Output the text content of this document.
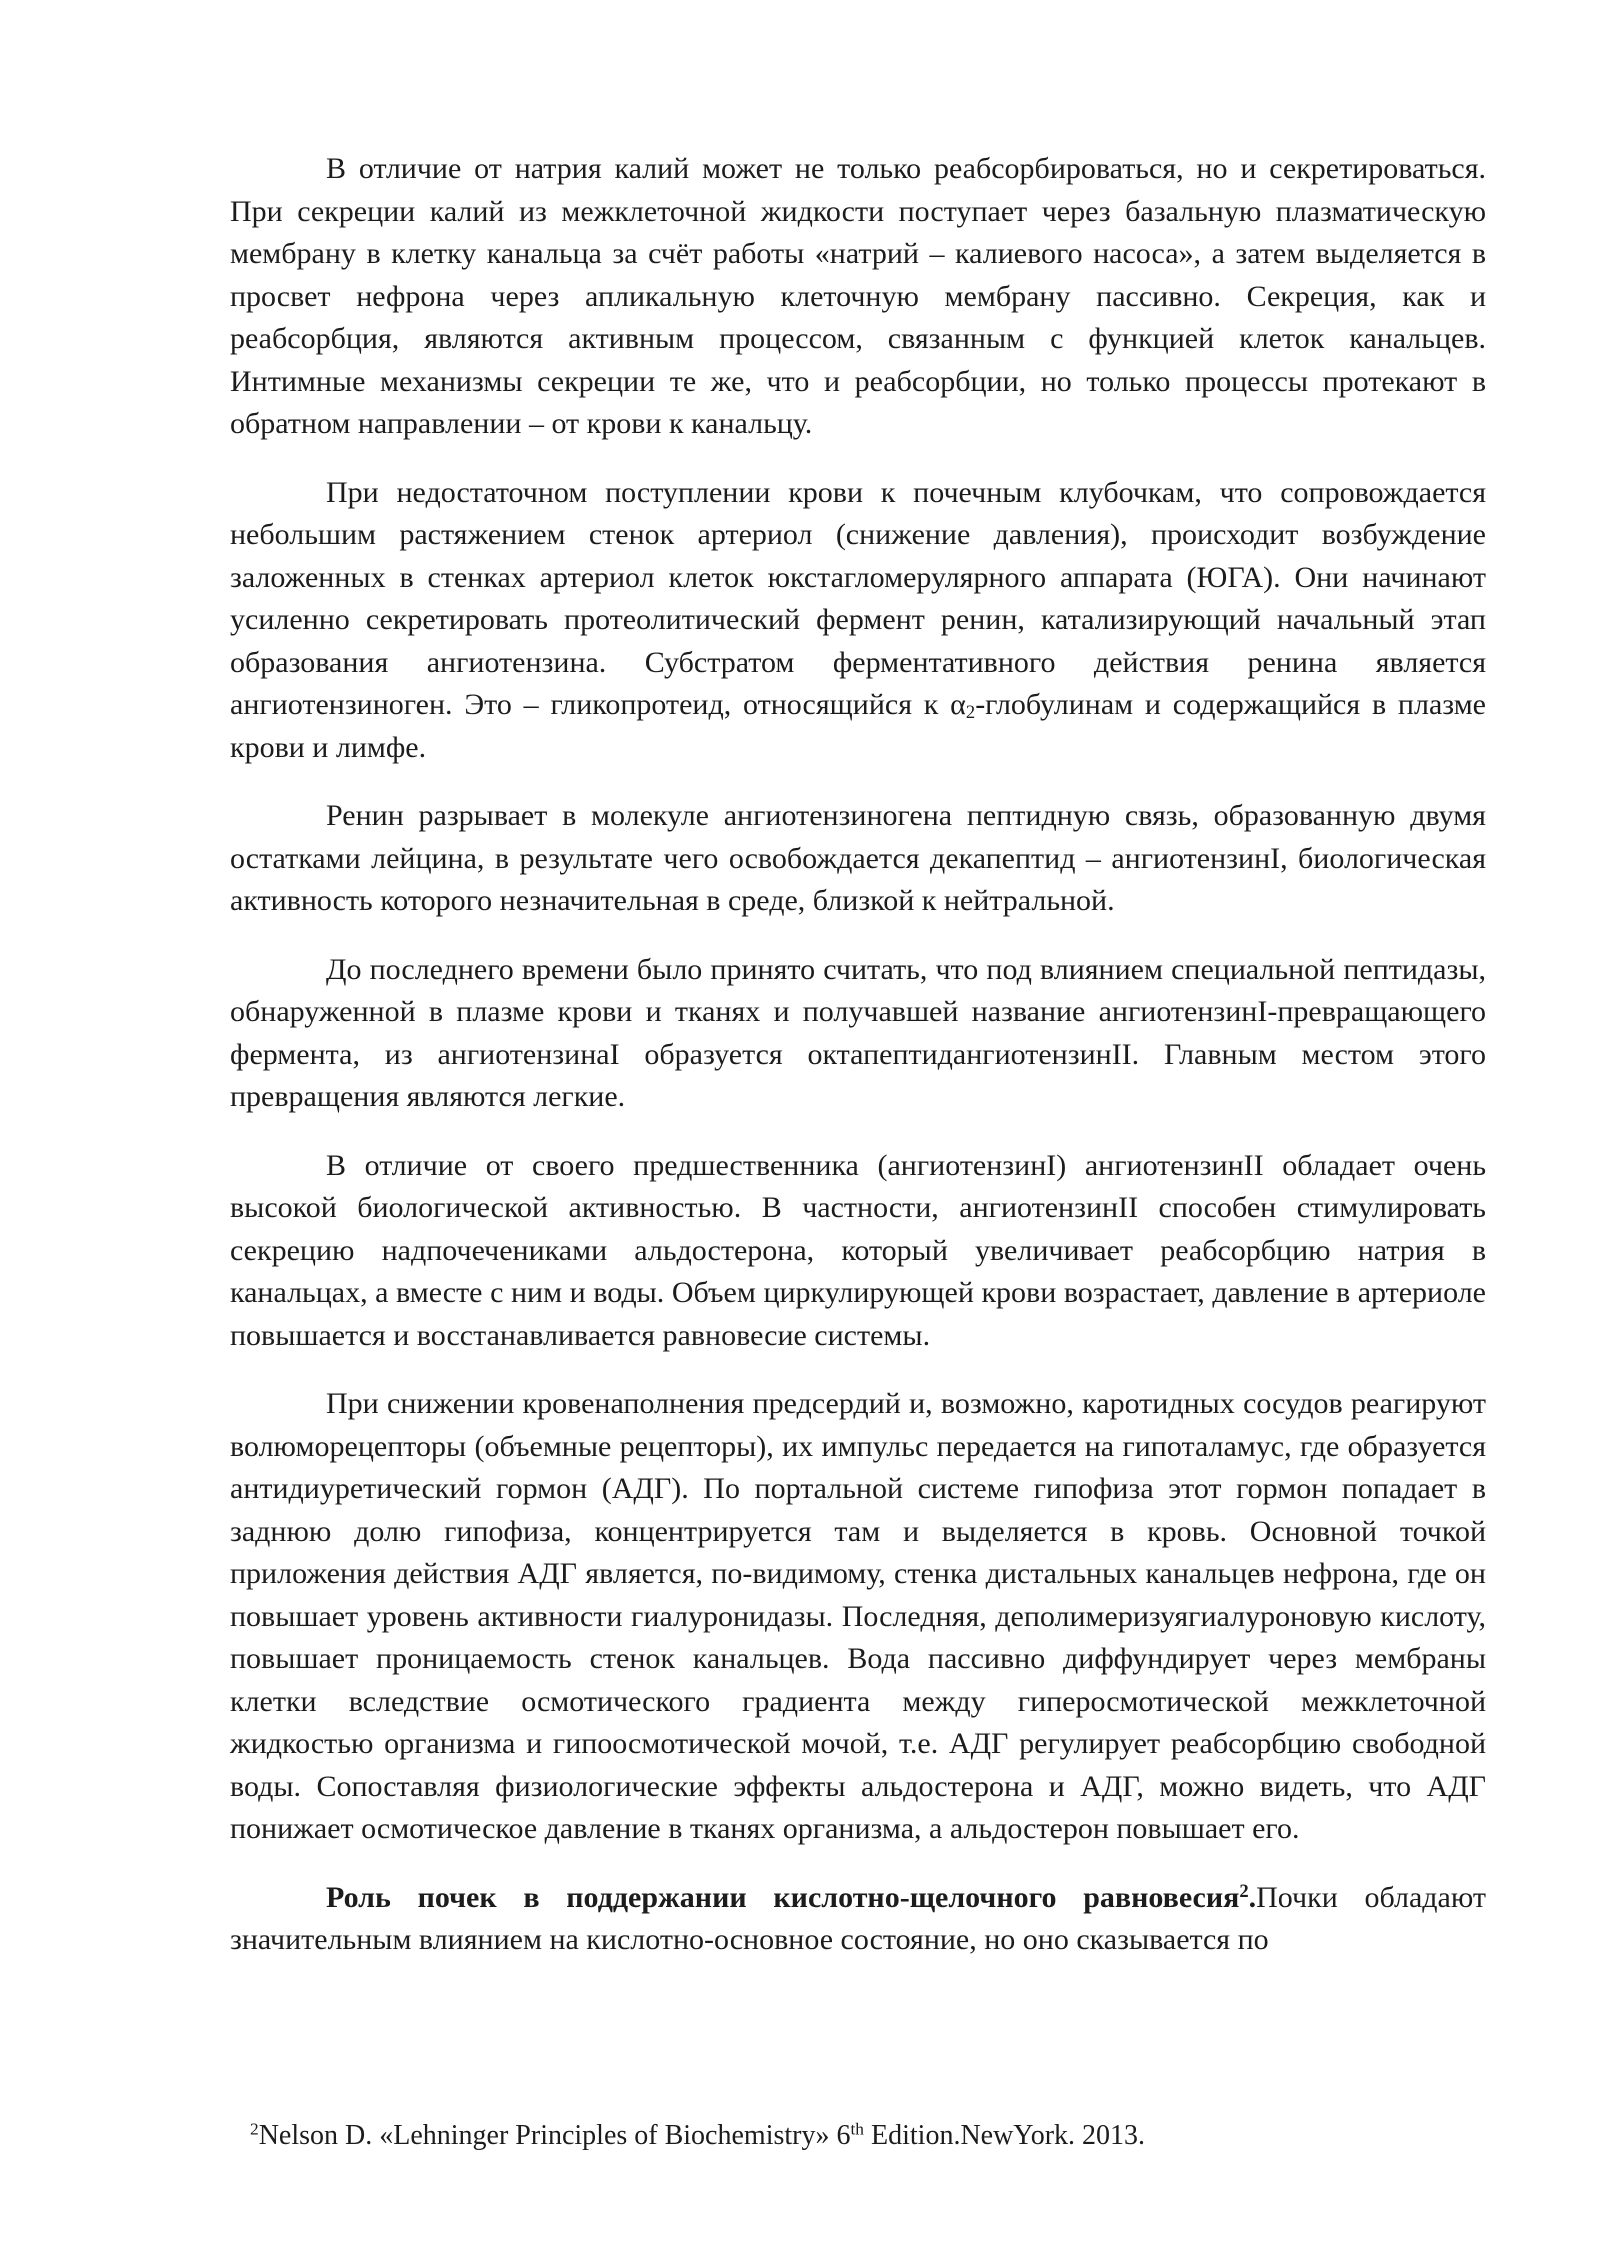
В отличие от натрия калий может не только реабсорбироваться, но и секретироваться. При секреции калий из межклеточной жидкости поступает через базальную плазматическую мембрану в клетку канальца за счёт работы «натрий – калиевого насоса», а затем выделяется в просвет нефрона через апликальную клеточную мембрану пассивно. Секреция, как и реабсорбция, являются активным процессом, связанным с функцией клеток канальцев. Интимные механизмы секреции те же, что и реабсорбции, но только процессы протекают в обратном направлении – от крови к канальцу.

При недостаточном поступлении крови к почечным клубочкам, что сопровождается небольшим растяжением стенок артериол (снижение давления), происходит возбуждение заложенных в стенках артериол клеток юкстагломерулярного аппарата (ЮГА). Они начинают усиленно секретировать протеолитический фермент ренин, катализирующий начальный этап образования ангиотензина. Субстратом ферментативного действия ренина является ангиотензиноген. Это – гликопротеид, относящийся к $\alpha_2$-глобулинам и содержащийся в плазме крови и лимфе.

Ренин разрывает в молекуле ангиотензиногена пептидную связь, образованную двумя остатками лейцина, в результате чего освобождается декапептид – ангиотензинI, биологическая активность которого незначительная в среде, близкой к нейтральной.

До последнего времени было принято считать, что под влиянием специальной пептидазы, обнаруженной в плазме крови и тканях и получавшей название ангиотензинI-превращающего фермента, из ангиотензинаI образуется октапептидангиотензинII. Главным местом этого превращения являются легкие.

В отличие от своего предшественника (ангиотензинI) ангиотензинII обладает очень высокой биологической активностью. В частности, ангиотензинII способен стимулировать секрецию надпочечениками альдостерона, который увеличивает реабсорбцию натрия в канальцах, а вместе с ним и воды. Объем циркулирующей крови возрастает, давление в артериоле повышается и восстанавливается равновесие системы.

При снижении кровенаполнения предсердий и, возможно, каротидных сосудов реагируют волюморецепторы (объемные рецепторы), их импульс передается на гипоталамус, где образуется антидиуретический гормон (АДГ). По портальной системе гипофиза этот гормон попадает в заднюю долю гипофиза, концентрируется там и выделяется в кровь. Основной точкой приложения действия АДГ является, по-видимому, стенка дистальных канальцев нефрона, где он повышает уровень активности гиалуронидазы. Последняя, деполимеризуягиалуроновую кислоту, повышает проницаемость стенок канальцев. Вода пассивно диффундирует через мембраны клетки вследствие осмотического градиента между гиперосмотической межклеточной жидкостью организма и гипоосмотической мочой, т.е. АДГ регулирует реабсорбцию свободной воды. Сопоставляя физиологические эффекты альдостерона и АДГ, можно видеть, что АДГ понижает осмотическое давление в тканях организма, а альдостерон повышает его.

Роль почек в поддержании кислотно-щелочного равновесия$^2$.Почки обладают значительным влиянием на кислотно-основное состояние, но оно сказывается по

$^2$Nelson D. «Lehninger Principles of Biochemistry» 6th Edition.NewYork. 2013.
